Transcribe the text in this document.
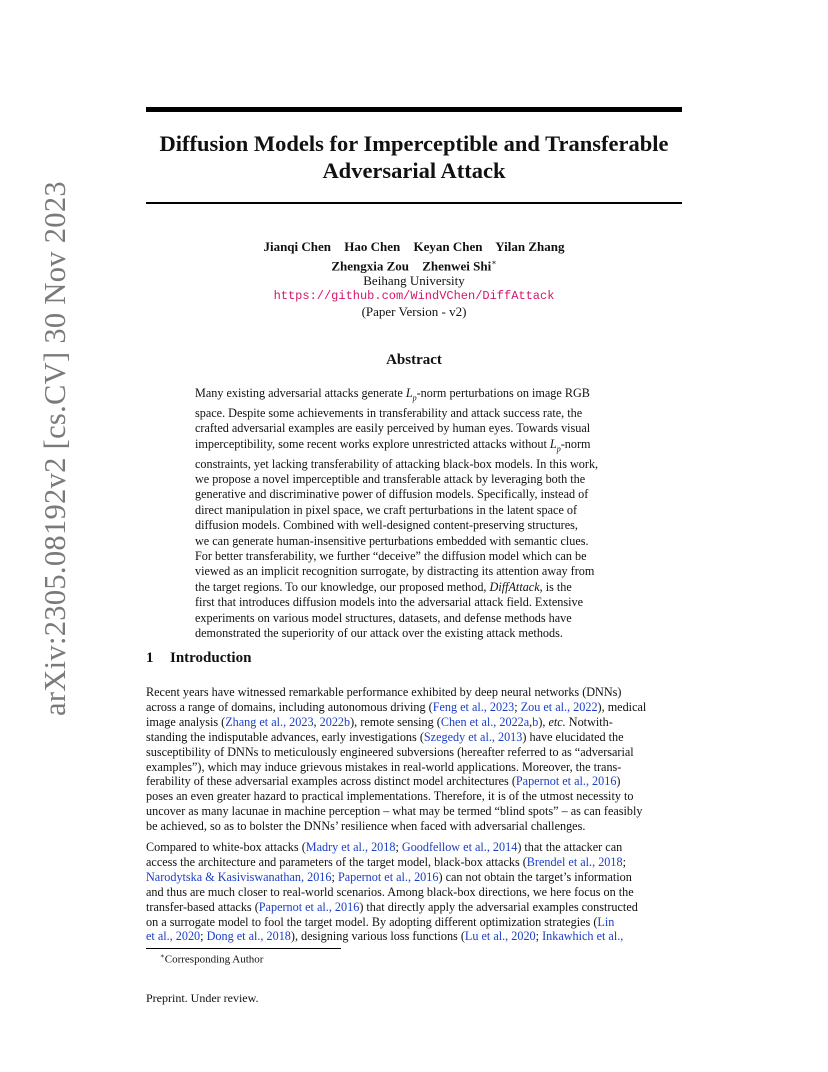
arXiv:2305.08192v2 [cs.CV] 30 Nov 2023
Diffusion Models for Imperceptible and Transferable
Adversarial Attack
Jianqi Chen Hao Chen Keyan Chen Yilan Zhang
Zhengxia Zou Zhenwei Shi∗
Beihang University
https://github.com/WindVChen/DiffAttack
(Paper Version - v2)
Abstract
Many existing adversarial attacks generate $L_p$-norm perturbations on image RGB
space. Despite some achievements in transferability and attack success rate, the
crafted adversarial examples are easily perceived by human eyes. Towards visual
imperceptibility, some recent works explore unrestricted attacks without $L_p$-norm
constraints, yet lacking transferability of attacking black-box models. In this work,
we propose a novel imperceptible and transferable attack by leveraging both the
generative and discriminative power of diffusion models. Specifically, instead of
direct manipulation in pixel space, we craft perturbations in the latent space of
diffusion models. Combined with well-designed content-preserving structures,
we can generate human-insensitive perturbations embedded with semantic clues.
For better transferability, we further “deceive” the diffusion model which can be
viewed as an implicit recognition surrogate, by distracting its attention away from
the target regions. To our knowledge, our proposed method, DiffAttack, is the
first that introduces diffusion models into the adversarial attack field. Extensive
experiments on various model structures, datasets, and defense methods have
demonstrated the superiority of our attack over the existing attack methods.
1 Introduction
Recent years have witnessed remarkable performance exhibited by deep neural networks (DNNs)
across a range of domains, including autonomous driving (Feng et al., 2023; Zou et al., 2022), medical
image analysis (Zhang et al., 2023, 2022b), remote sensing (Chen et al., 2022a,b), etc. Notwith-
standing the indisputable advances, early investigations (Szegedy et al., 2013) have elucidated the
susceptibility of DNNs to meticulously engineered subversions (hereafter referred to as “adversarial
examples”), which may induce grievous mistakes in real-world applications. Moreover, the trans-
ferability of these adversarial examples across distinct model architectures (Papernot et al., 2016)
poses an even greater hazard to practical implementations. Therefore, it is of the utmost necessity to
uncover as many lacunae in machine perception – what may be termed “blind spots” – as can feasibly
be achieved, so as to bolster the DNNs’ resilience when faced with adversarial challenges.
Compared to white-box attacks (Madry et al., 2018; Goodfellow et al., 2014) that the attacker can
access the architecture and parameters of the target model, black-box attacks (Brendel et al., 2018;
Narodytska & Kasiviswanathan, 2016; Papernot et al., 2016) can not obtain the target’s information
and thus are much closer to real-world scenarios. Among black-box directions, we here focus on the
transfer-based attacks (Papernot et al., 2016) that directly apply the adversarial examples constructed
on a surrogate model to fool the target model. By adopting different optimization strategies (Lin
et al., 2020; Dong et al., 2018), designing various loss functions (Lu et al., 2020; Inkawhich et al.,
∗Corresponding Author
Preprint. Under review.
